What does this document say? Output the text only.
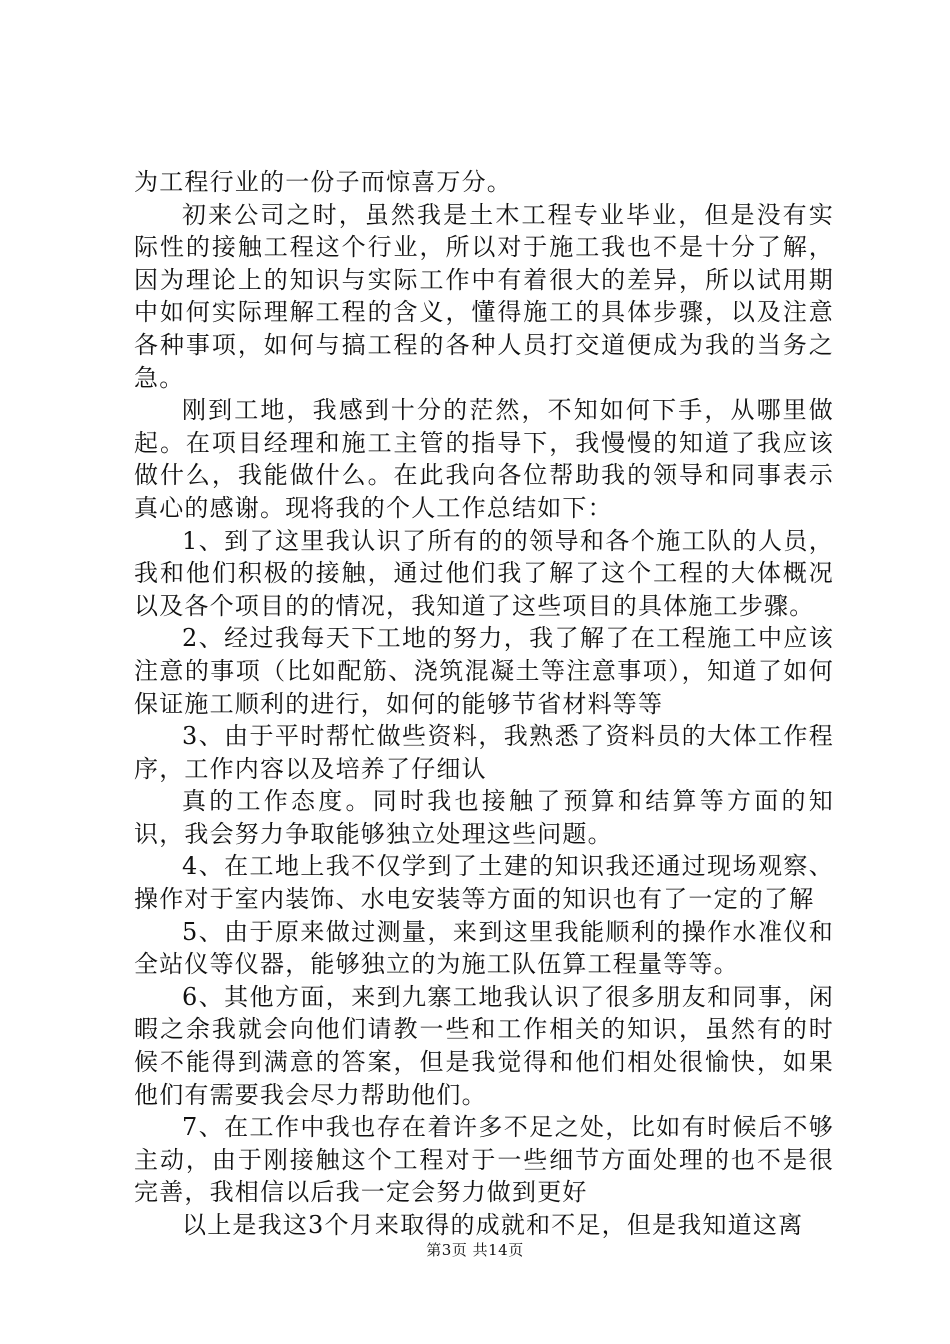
为工程行业的一份子而惊喜万分。

初来公司之时，虽然我是土木工程专业毕业，但是没有实际性的接触工程这个行业，所以对于施工我也不是十分了解，因为理论上的知识与实际工作中有着很大的差异，所以试用期中如何实际理解工程的含义，懂得施工的具体步骤，以及注意各种事项，如何与搞工程的各种人员打交道便成为我的当务之急。

刚到工地，我感到十分的茫然，不知如何下手，从哪里做起。在项目经理和施工主管的指导下，我慢慢的知道了我应该做什么，我能做什么。在此我向各位帮助我的领导和同事表示真心的感谢。现将我的个人工作总结如下：

1、到了这里我认识了所有的的领导和各个施工队的人员，我和他们积极的接触，通过他们我了解了这个工程的大体概况以及各个项目的的情况，我知道了这些项目的具体施工步骤。

2、经过我每天下工地的努力，我了解了在工程施工中应该注意的事项（比如配筋、浇筑混凝土等注意事项），知道了如何保证施工顺利的进行，如何的能够节省材料等等

3、由于平时帮忙做些资料，我熟悉了资料员的大体工作程序，工作内容以及培养了仔细认

真的工作态度。同时我也接触了预算和结算等方面的知识，我会努力争取能够独立处理这些问题。

4、在工地上我不仅学到了土建的知识我还通过现场观察、操作对于室内装饰、水电安装等方面的知识也有了一定的了解

5、由于原来做过测量，来到这里我能顺利的操作水准仪和全站仪等仪器，能够独立的为施工队伍算工程量等等。

6、其他方面，来到九寨工地我认识了很多朋友和同事，闲暇之余我就会向他们请教一些和工作相关的知识，虽然有的时候不能得到满意的答案，但是我觉得和他们相处很愉快，如果他们有需要我会尽力帮助他们。

7、在工作中我也存在着许多不足之处，比如有时候后不够主动，由于刚接触这个工程对于一些细节方面处理的也不是很完善，我相信以后我一定会努力做到更好

以上是我这3个月来取得的成就和不足，但是我知道这离

第3页 共14页
